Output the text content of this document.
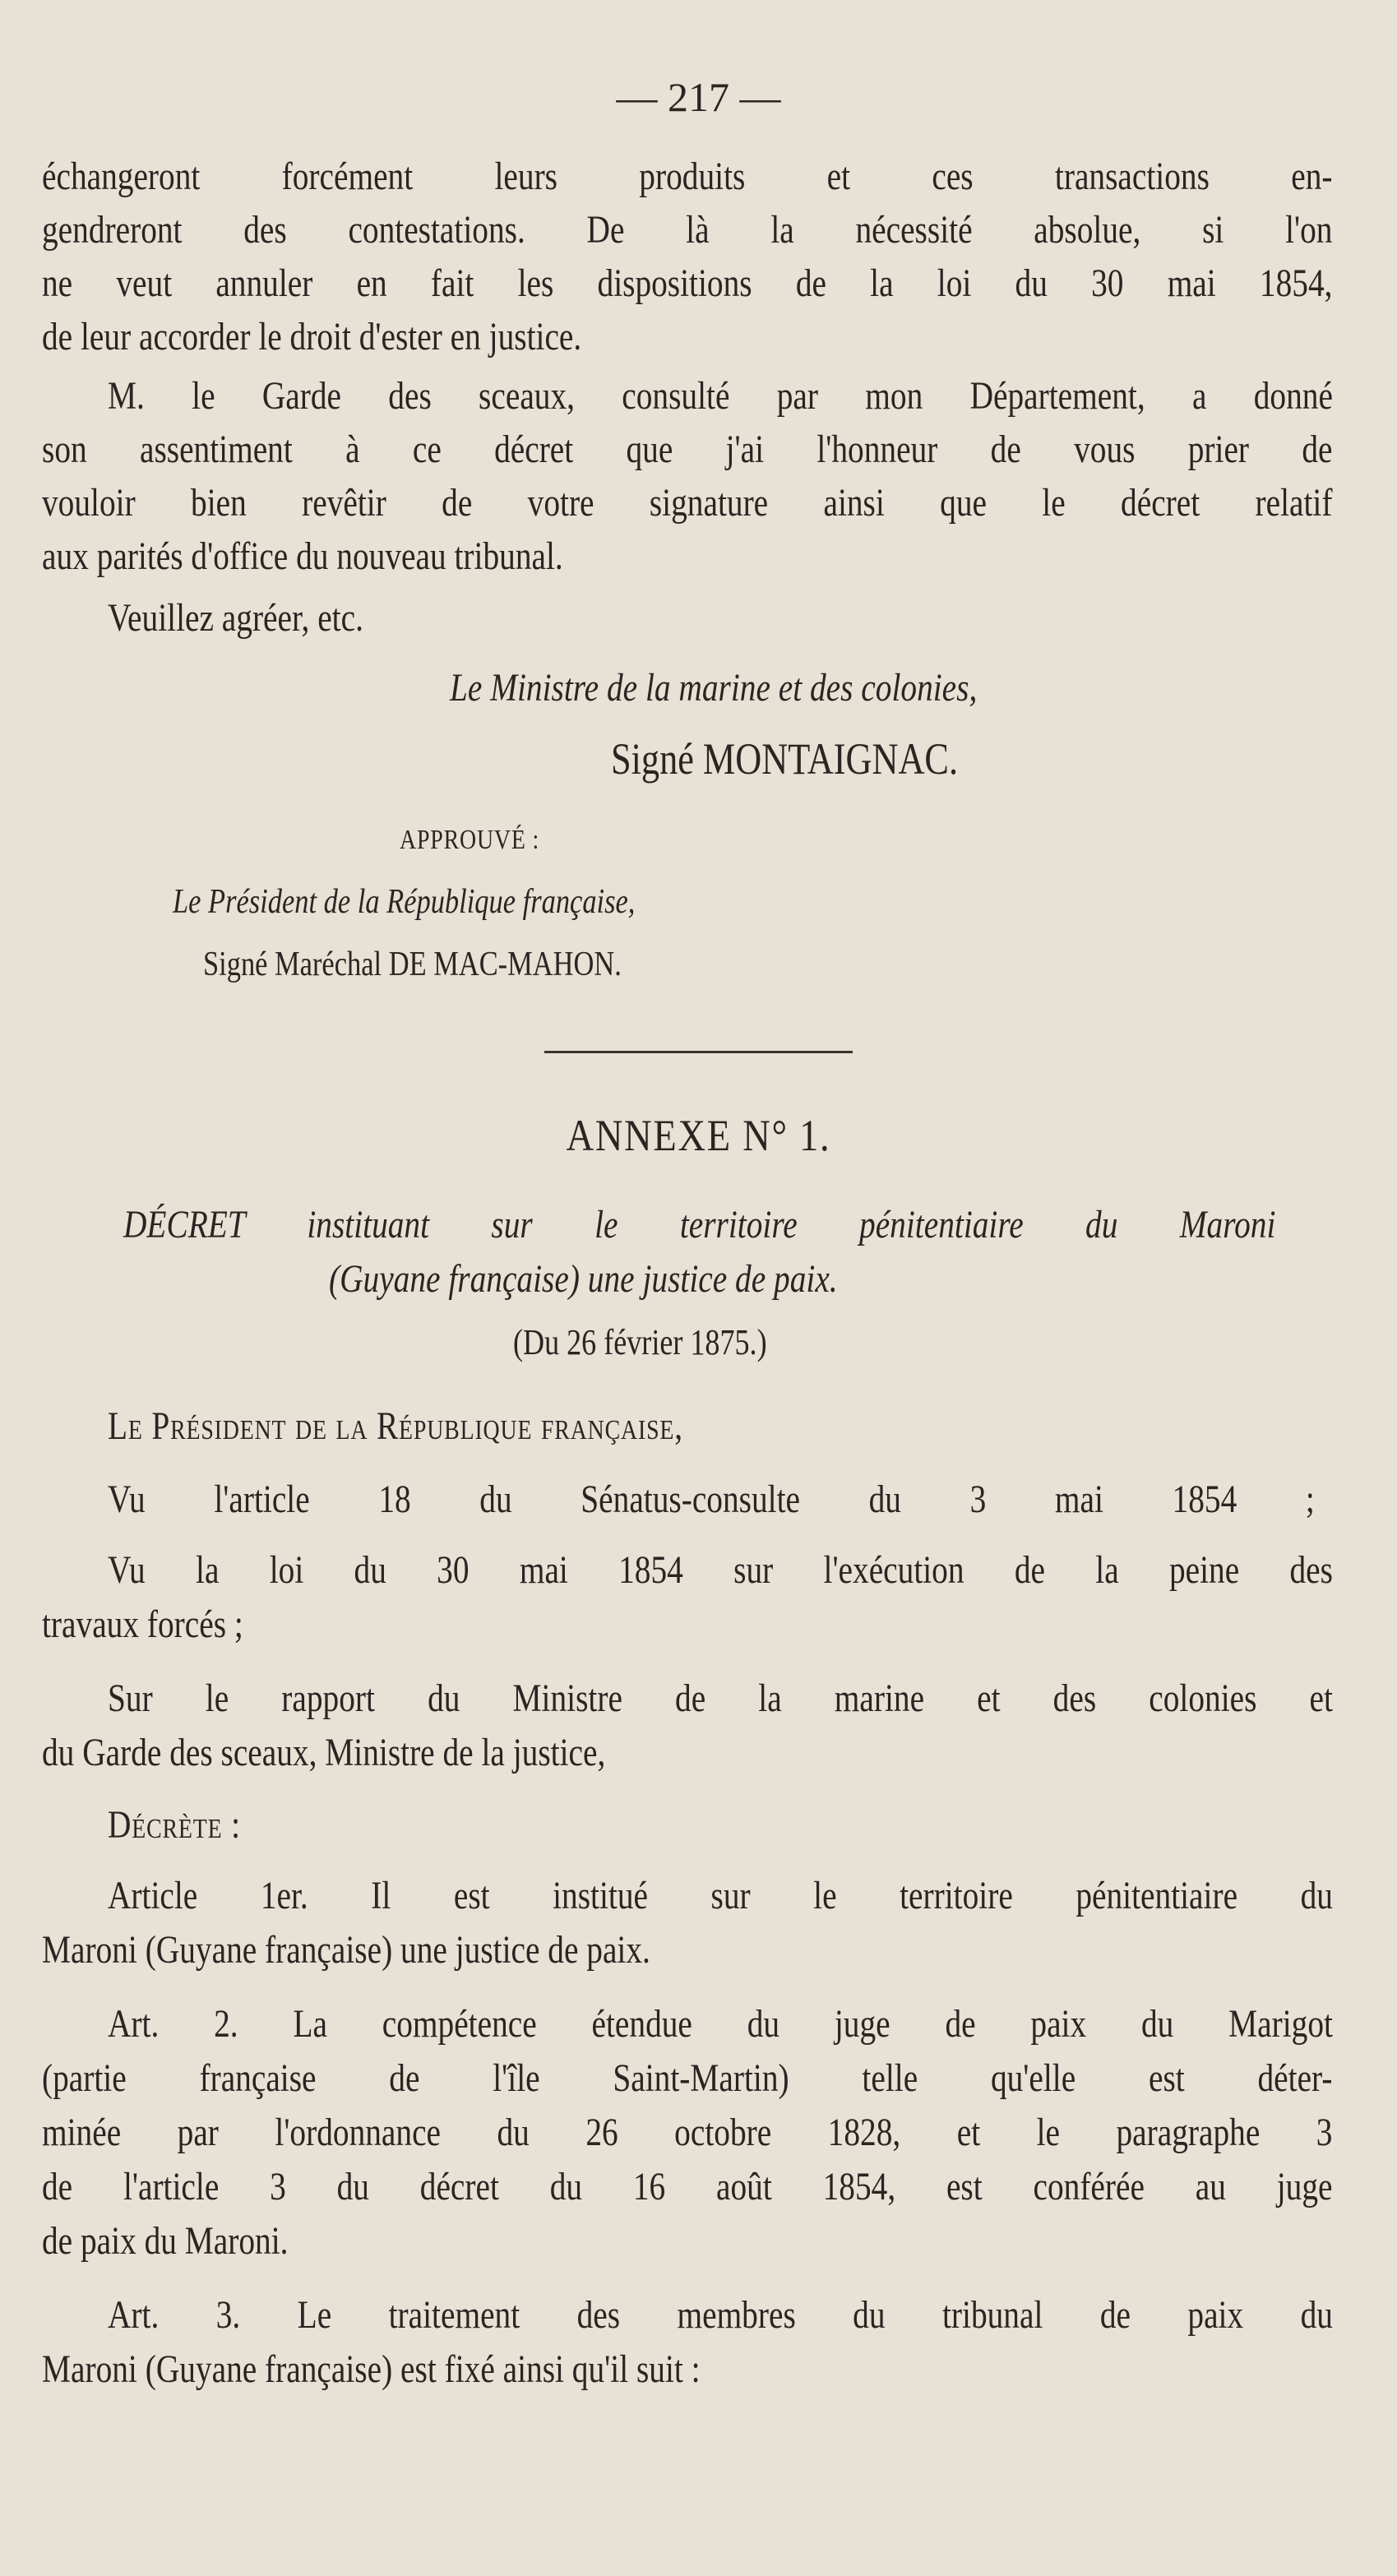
— 217 —

échangeront forcément leurs produits et ces transactions en-

gendreront des contestations. De là la nécessité absolue, si l'on

ne veut annuler en fait les dispositions de la loi du 30 mai 1854,

de leur accorder le droit d'ester en justice.

M. le Garde des sceaux, consulté par mon Département, a donné

son assentiment à ce décret que j'ai l'honneur de vous prier de

vouloir bien revêtir de votre signature ainsi que le décret relatif

aux parités d'office du nouveau tribunal.

Veuillez agréer, etc.

Le Ministre de la marine et des colonies,

Signé MONTAIGNAC.

APPROUVÉ :

Le Président de la République française,

Signé Maréchal DE MAC-MAHON.

ANNEXE N° 1.

DÉCRET instituant sur le territoire pénitentiaire du Maroni

(Guyane française) une justice de paix.

(Du 26 février 1875.)

Le Président de la République française,

Vu l'article 18 du Sénatus-consulte du 3 mai 1854 ;

Vu la loi du 30 mai 1854 sur l'exécution de la peine des

travaux forcés ;

Sur le rapport du Ministre de la marine et des colonies et

du Garde des sceaux, Ministre de la justice,

Décrète :

Article 1er. Il est institué sur le territoire pénitentiaire du

Maroni (Guyane française) une justice de paix.

Art. 2. La compétence étendue du juge de paix du Marigot

(partie française de l'île Saint-Martin) telle qu'elle est déter-

minée par l'ordonnance du 26 octobre 1828, et le paragraphe 3

de l'article 3 du décret du 16 août 1854, est conférée au juge

de paix du Maroni.

Art. 3. Le traitement des membres du tribunal de paix du

Maroni (Guyane française) est fixé ainsi qu'il suit :
